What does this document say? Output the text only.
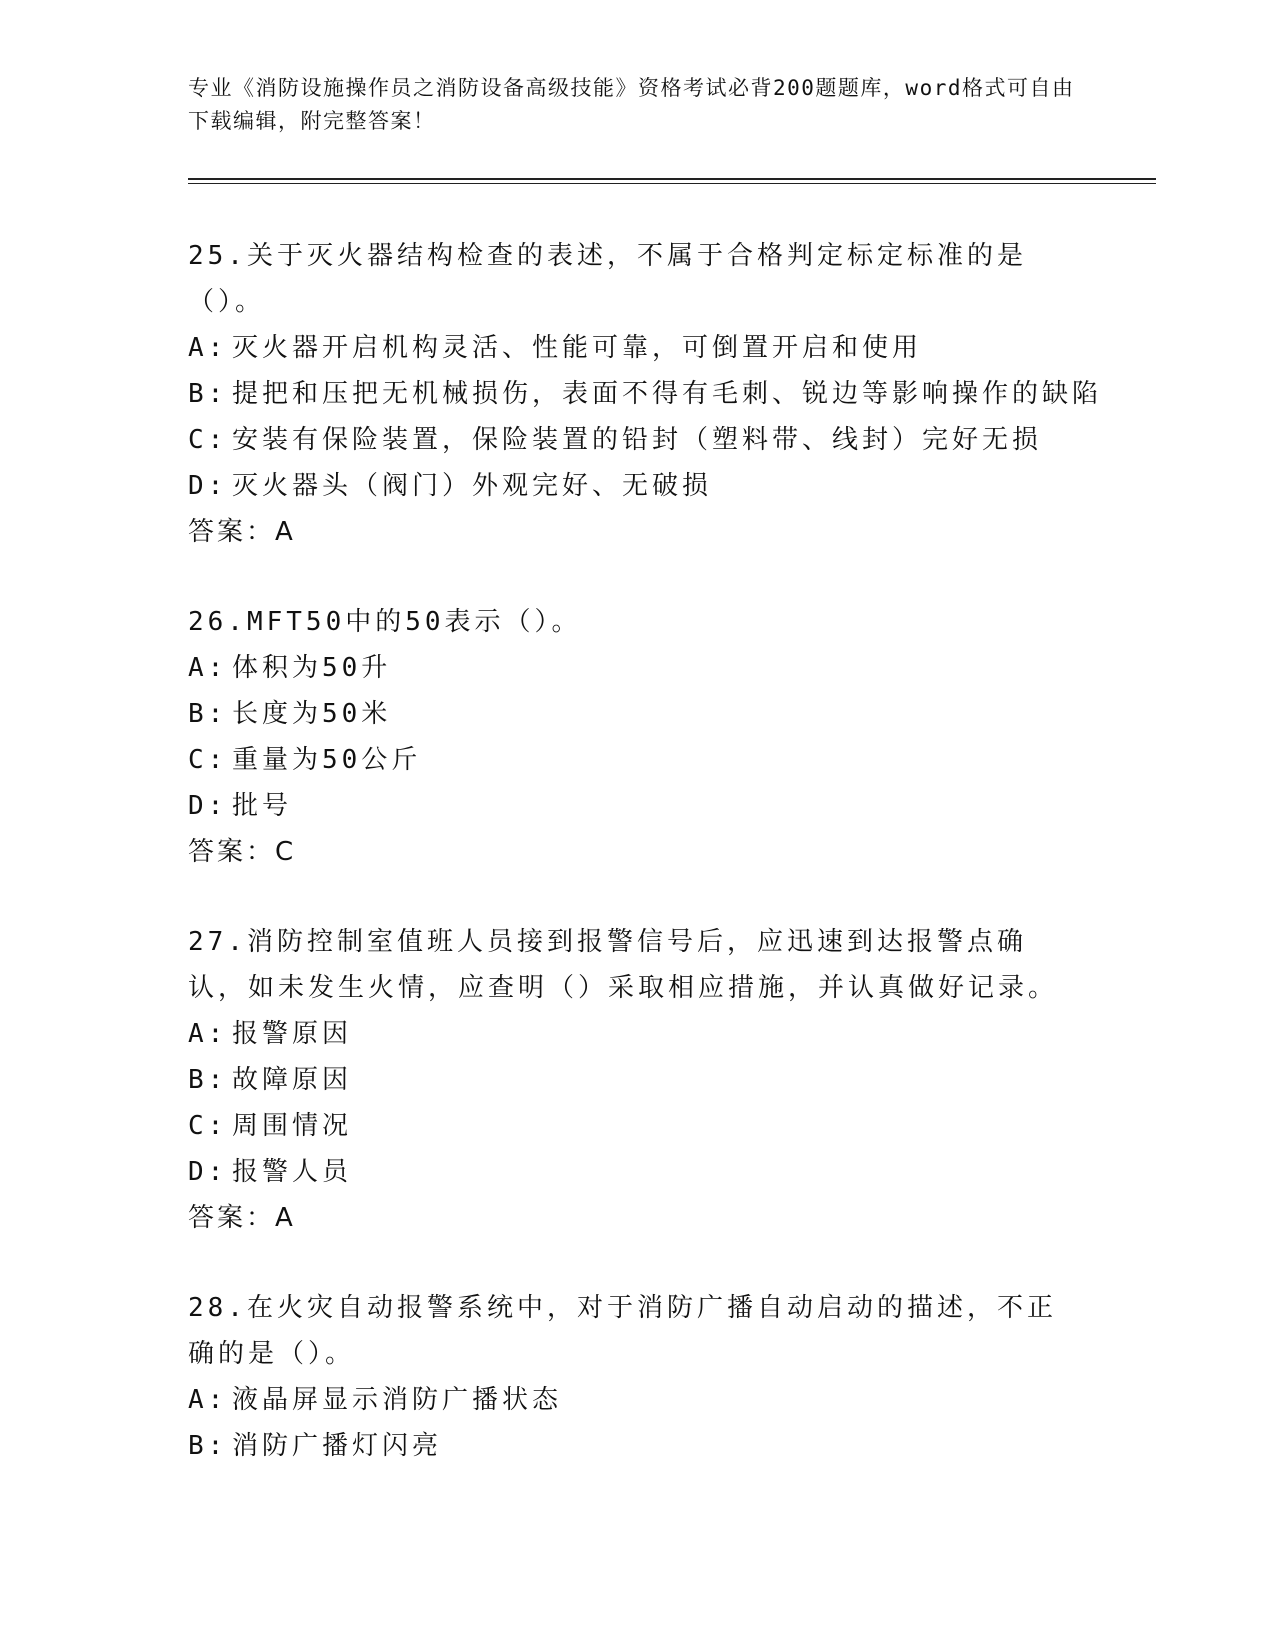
专业《消防设施操作员之消防设备高级技能》资格考试必背200题题库，word格式可自由下载编辑，附完整答案！
25.关于灭火器结构检查的表述，不属于合格判定标定标准的是（）。
A: 灭火器开启机构灵活、性能可靠，可倒置开启和使用
B: 提把和压把无机械损伤，表面不得有毛刺、锐边等影响操作的缺陷
C: 安装有保险装置，保险装置的铅封（塑料带、线封）完好无损
D: 灭火器头（阀门）外观完好、无破损
答案：A
26.MFT50中的50表示（）。
A: 体积为50升
B: 长度为50米
C: 重量为50公斤
D: 批号
答案：C
27.消防控制室值班人员接到报警信号后，应迅速到达报警点确认，如未发生火情，应查明（）采取相应措施，并认真做好记录。
A: 报警原因
B: 故障原因
C: 周围情况
D: 报警人员
答案：A
28.在火灾自动报警系统中，对于消防广播自动启动的描述，不正确的是（）。
A: 液晶屏显示消防广播状态
B: 消防广播灯闪亮
